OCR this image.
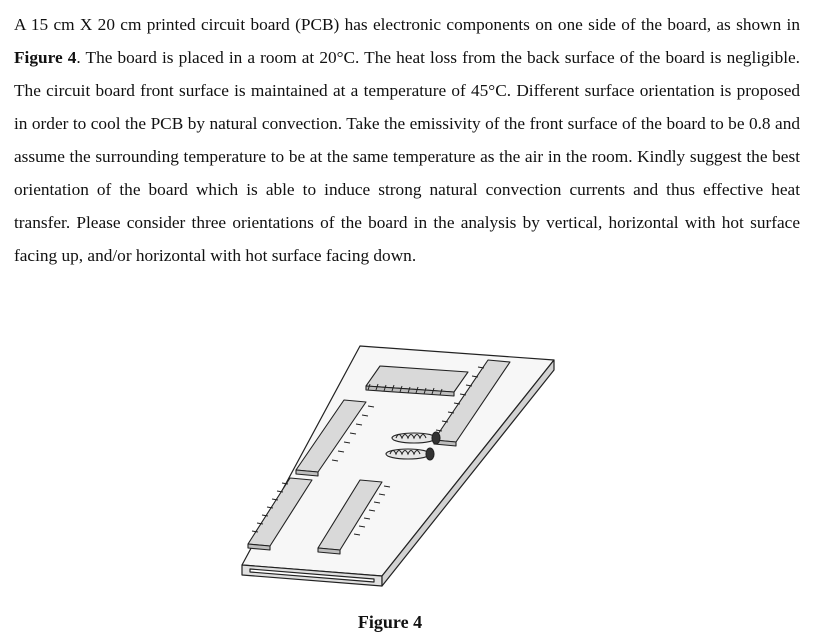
A 15 cm X 20 cm printed circuit board (PCB) has electronic components on one side of the board, as shown in Figure 4. The board is placed in a room at 20°C. The heat loss from the back surface of the board is negligible. The circuit board front surface is maintained at a temperature of 45°C. Different surface orientation is proposed in order to cool the PCB by natural convection. Take the emissivity of the front surface of the board to be 0.8 and assume the surrounding temperature to be at the same temperature as the air in the room. Kindly suggest the best orientation of the board which is able to induce strong natural convection currents and thus effective heat transfer. Please consider three orientations of the board in the analysis by vertical, horizontal with hot surface facing up, and/or horizontal with hot surface facing down.

Figure 4
